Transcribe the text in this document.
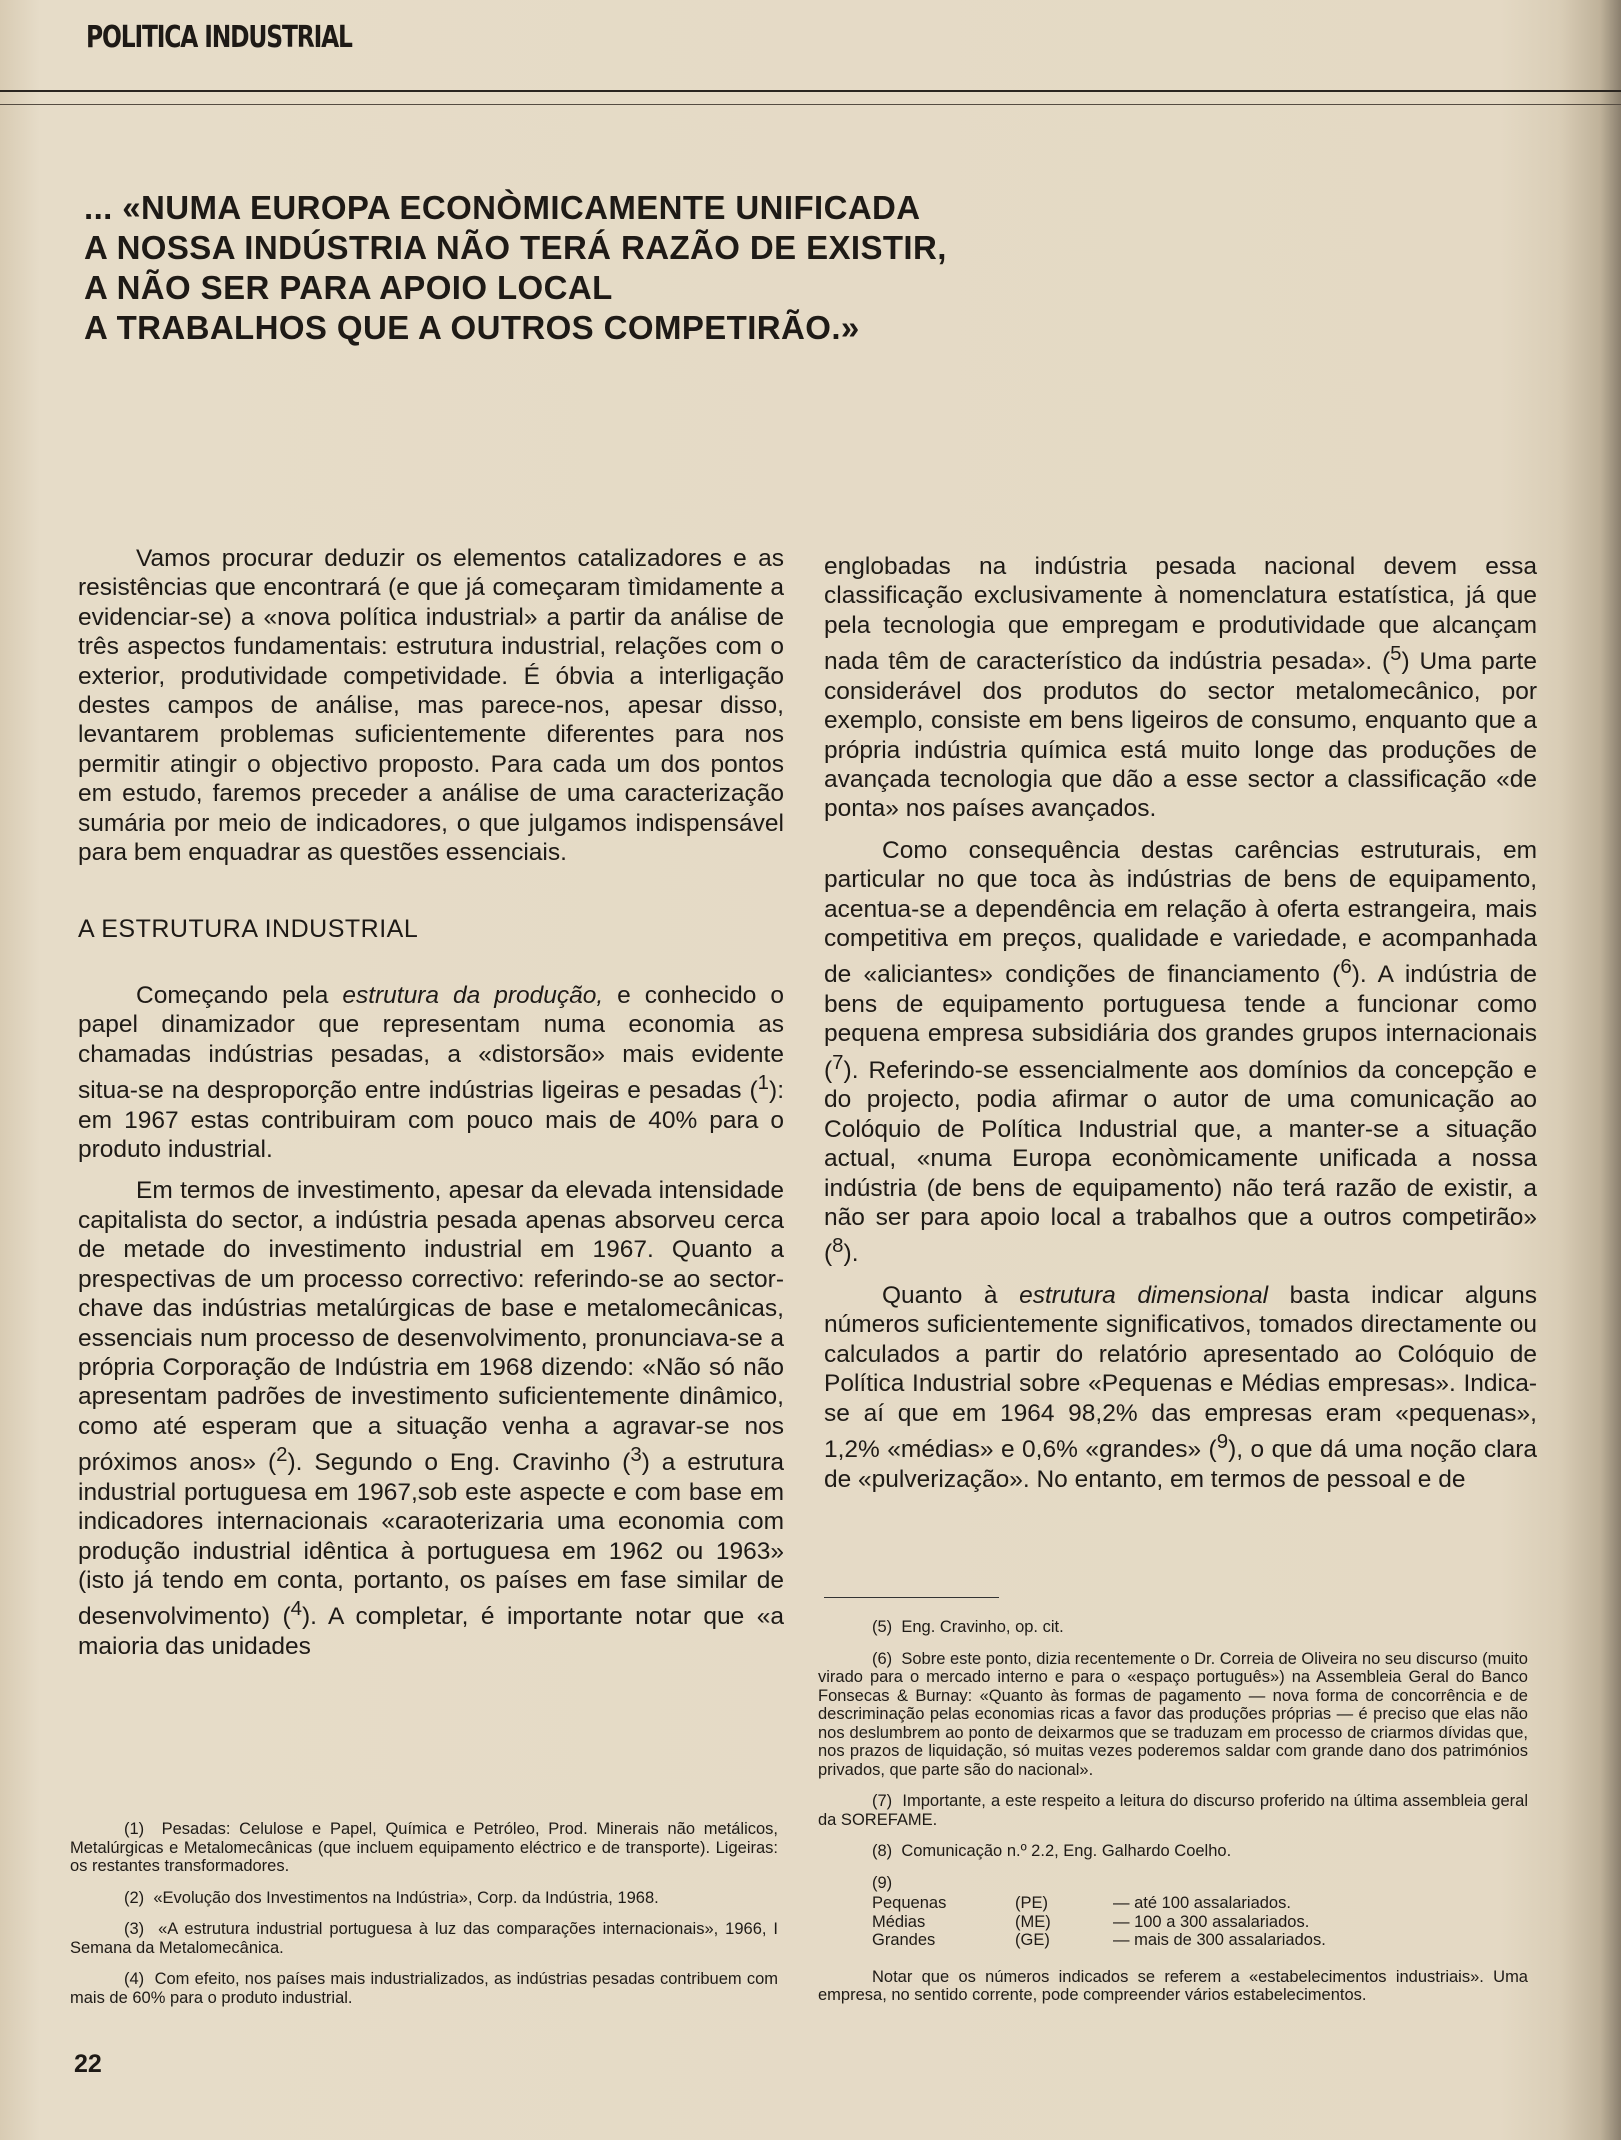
POLITICA INDUSTRIAL
... «NUMA EUROPA ECONÒMICAMENTE UNIFICADA
A NOSSA INDÚSTRIA NÃO TERÁ RAZÃO DE EXISTIR,
A NÃO SER PARA APOIO LOCAL
A TRABALHOS QUE A OUTROS COMPETIRÃO.»

Vamos procurar deduzir os elementos catalizadores e as resistências que encontrará (e que já começaram tìmidamente a evidenciar-se) a «nova política industrial» a partir da análise de três aspectos fundamentais: estrutura industrial, relações com o exterior, produtividade competividade. É óbvia a interligação destes campos de análise, mas parece-nos, apesar disso, levantarem problemas suficientemente diferentes para nos permitir atingir o objectivo proposto. Para cada um dos pontos em estudo, faremos preceder a análise de uma caracterização sumária por meio de indicadores, o que julgamos indispensável para bem enquadrar as questões essenciais.

A ESTRUTURA INDUSTRIAL

Começando pela estrutura da produção, e conhecido o papel dinamizador que representam numa economia as chamadas indústrias pesadas, a «distorsão» mais evidente situa-se na desproporção entre indústrias ligeiras e pesadas ($^1$): em 1967 estas contribuiram com pouco mais de 40% para o produto industrial.

Em termos de investimento, apesar da elevada intensidade capitalista do sector, a indústria pesada apenas absorveu cerca de metade do investimento industrial em 1967. Quanto a prespectivas de um processo correctivo: referindo-se ao sector-chave das indústrias metalúrgicas de base e metalomecânicas, essenciais num processo de desenvolvimento, pronunciava-se a própria Corporação de Indústria em 1968 dizendo: «Não só não apresentam padrões de investimento suficientemente dinâmico, como até esperam que a situação venha a agravar-se nos próximos anos» ($^2$). Segundo o Eng. Cravinho ($^3$) a estrutura industrial portuguesa em 1967,sob este aspecte e com base em indicadores internacionais «caraoterizaria uma economia com produção industrial idêntica à portuguesa em 1962 ou 1963» (isto já tendo em conta, portanto, os países em fase similar de desenvolvimento) ($^4$). A completar, é importante notar que «a maioria das unidades

englobadas na indústria pesada nacional devem essa classificação exclusivamente à nomenclatura estatística, já que pela tecnologia que empregam e produtividade que alcançam nada têm de característico da indústria pesada». ($^5$) Uma parte considerável dos produtos do sector metalomecânico, por exemplo, consiste em bens ligeiros de consumo, enquanto que a própria indústria química está muito longe das produções de avançada tecnologia que dão a esse sector a classificação «de ponta» nos países avançados.

Como consequência destas carências estruturais, em particular no que toca às indústrias de bens de equipamento, acentua-se a dependência em relação à oferta estrangeira, mais competitiva em preços, qualidade e variedade, e acompanhada de «aliciantes» condições de financiamento ($^6$). A indústria de bens de equipamento portuguesa tende a funcionar como pequena empresa subsidiária dos grandes grupos internacionais ($^7$). Referindo-se essencialmente aos domínios da concepção e do projecto, podia afirmar o autor de uma comunicação ao Colóquio de Política Industrial que, a manter-se a situação actual, «numa Europa econòmicamente unificada a nossa indústria (de bens de equipamento) não terá razão de existir, a não ser para apoio local a trabalhos que a outros competirão» ($^8$).

Quanto à estrutura dimensional basta indicar alguns números suficientemente significativos, tomados directamente ou calculados a partir do relatório apresentado ao Colóquio de Política Industrial sobre «Pequenas e Médias empresas». Indica-se aí que em 1964 98,2% das empresas eram «pequenas», 1,2% «médias» e 0,6% «grandes» ($^9$), o que dá uma noção clara de «pulverização». No entanto, em termos de pessoal e de

(5) Eng. Cravinho, op. cit.

(6) Sobre este ponto, dizia recentemente o Dr. Correia de Oliveira no seu discurso (muito virado para o mercado interno e para o «espaço português») na Assembleia Geral do Banco Fonsecas & Burnay: «Quanto às formas de pagamento — nova forma de concorrência e de descriminação pelas economias ricas a favor das produções próprias — é preciso que elas não nos deslumbrem ao ponto de deixarmos que se traduzam em processo de criarmos dívidas que, nos prazos de liquidação, só muitas vezes poderemos saldar com grande dano dos patrimónios privados, que parte são do nacional».

(7) Importante, a este respeito a leitura do discurso proferido na última assembleia geral da SOREFAME.

(8) Comunicação n.º 2.2, Eng. Galhardo Coelho.

(9)

Pequenas	(PE)	— até 100 assalariados.
Médias	(ME)	— 100 a 300 assalariados.
Grandes	(GE)	— mais de 300 assalariados.

Notar que os números indicados se referem a «estabelecimentos industriais». Uma empresa, no sentido corrente, pode compreender vários estabelecimentos.

(1) Pesadas: Celulose e Papel, Química e Petróleo, Prod. Minerais não metálicos, Metalúrgicas e Metalomecânicas (que incluem equipamento eléctrico e de transporte). Ligeiras: os restantes transformadores.

(2) «Evolução dos Investimentos na Indústria», Corp. da Indústria, 1968.

(3) «A estrutura industrial portuguesa à luz das comparações internacionais», 1966, I Semana da Metalomecânica.

(4) Com efeito, nos países mais industrializados, as indústrias pesadas contribuem com mais de 60% para o produto industrial.

22
